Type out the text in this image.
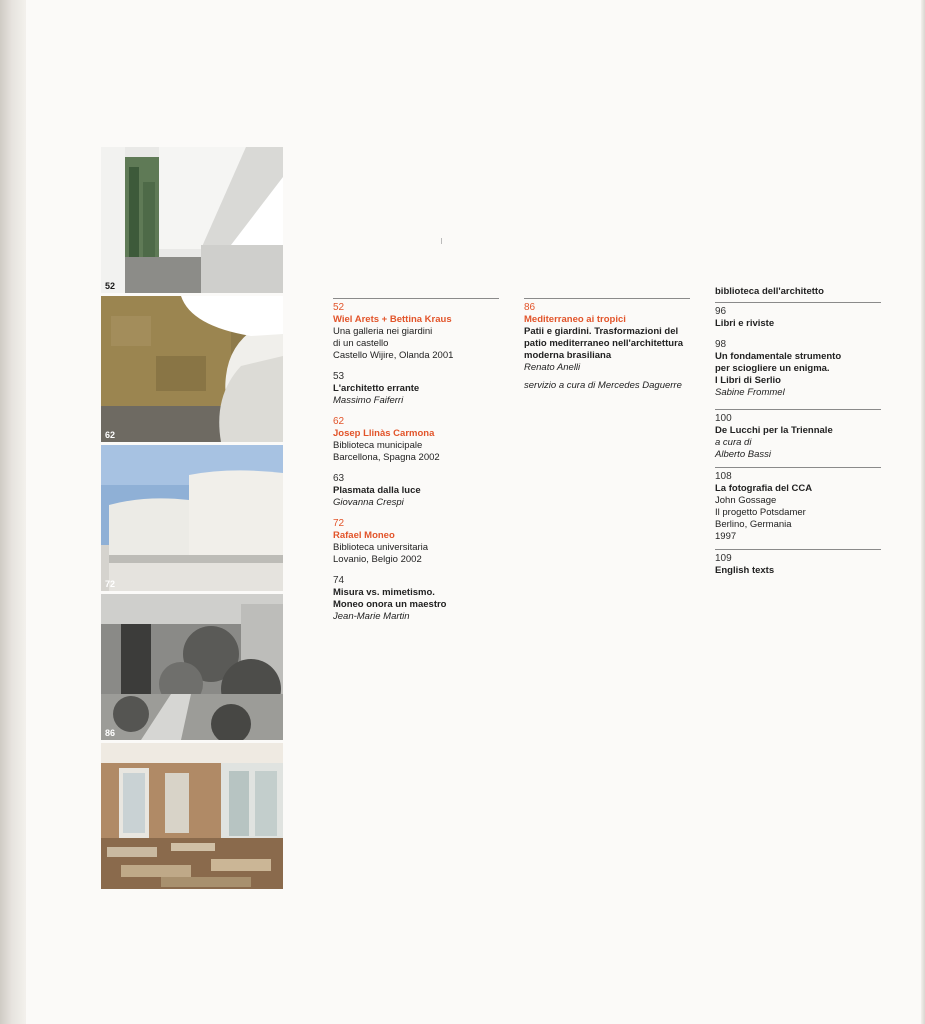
52
62
72
86
52
Wiel Arets + Bettina Kraus
Una galleria nei giardini
di un castello
Castello Wijire, Olanda 2001
53
L'architetto errante
Massimo Faiferri
62
Josep Llinàs Carmona
Biblioteca municipale
Barcellona, Spagna 2002
63
Plasmata dalla luce
Giovanna Crespi
72
Rafael Moneo
Biblioteca universitaria
Lovanio, Belgio 2002
74
Misura vs. mimetismo.
Moneo onora un maestro
Jean-Marie Martin
86
Mediterraneo ai tropici
Patii e giardini. Trasformazioni del
patio mediterraneo nell'architettura
moderna brasiliana
Renato Anelli
servizio a cura di Mercedes Daguerre
biblioteca dell'architetto
96
Libri e riviste
98
Un fondamentale strumento
per sciogliere un enigma.
I Libri di Serlio
Sabine Frommel
100
De Lucchi per la Triennale
a cura di
Alberto Bassi
108
La fotografia del CCA
John Gossage
Il progetto Potsdamer
Berlino, Germania
1997
109
English texts
